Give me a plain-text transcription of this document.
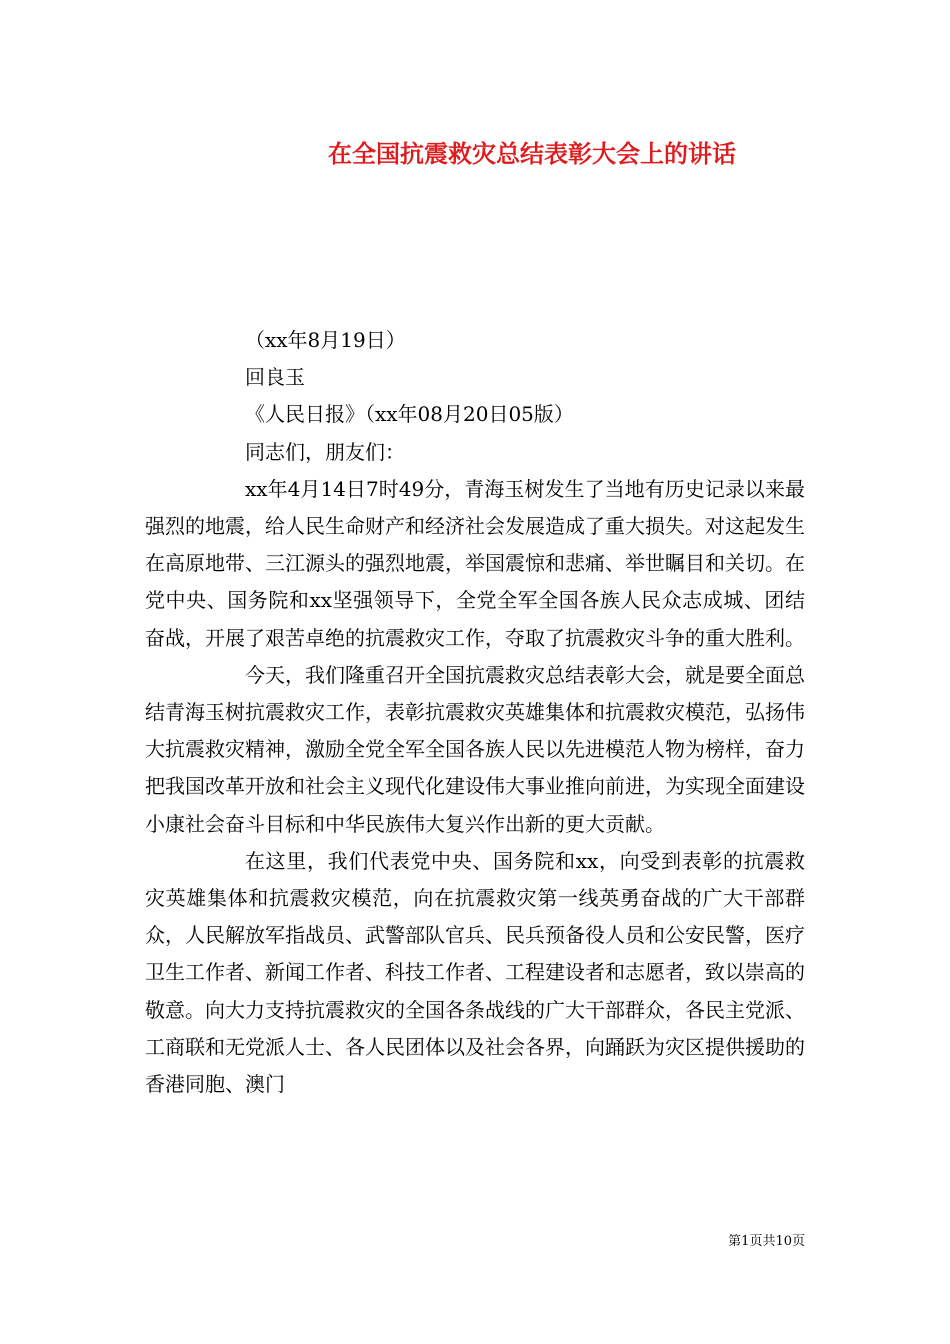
在全国抗震救灾总结表彰大会上的讲话

（xx年8月19日）

回良玉

《人民日报》（xx年08月20日05版）

同志们，朋友们：

xx年4月14日7时49分，青海玉树发生了当地有历史记录以来最强烈的地震，给人民生命财产和经济社会发展造成了重大损失。对这起发生在高原地带、三江源头的强烈地震，举国震惊和悲痛、举世瞩目和关切。在党中央、国务院和xx坚强领导下，全党全军全国各族人民众志成城、团结奋战，开展了艰苦卓绝的抗震救灾工作，夺取了抗震救灾斗争的重大胜利。

今天，我们隆重召开全国抗震救灾总结表彰大会，就是要全面总结青海玉树抗震救灾工作，表彰抗震救灾英雄集体和抗震救灾模范，弘扬伟大抗震救灾精神，激励全党全军全国各族人民以先进模范人物为榜样，奋力把我国改革开放和社会主义现代化建设伟大事业推向前进，为实现全面建设小康社会奋斗目标和中华民族伟大复兴作出新的更大贡献。

在这里，我们代表党中央、国务院和xx，向受到表彰的抗震救灾英雄集体和抗震救灾模范，向在抗震救灾第一线英勇奋战的广大干部群众，人民解放军指战员、武警部队官兵、民兵预备役人员和公安民警，医疗卫生工作者、新闻工作者、科技工作者、工程建设者和志愿者，致以崇高的敬意。向大力支持抗震救灾的全国各条战线的广大干部群众，各民主党派、工商联和无党派人士、各人民团体以及社会各界，向踊跃为灾区提供援助的香港同胞、澳门

第1页共10页
